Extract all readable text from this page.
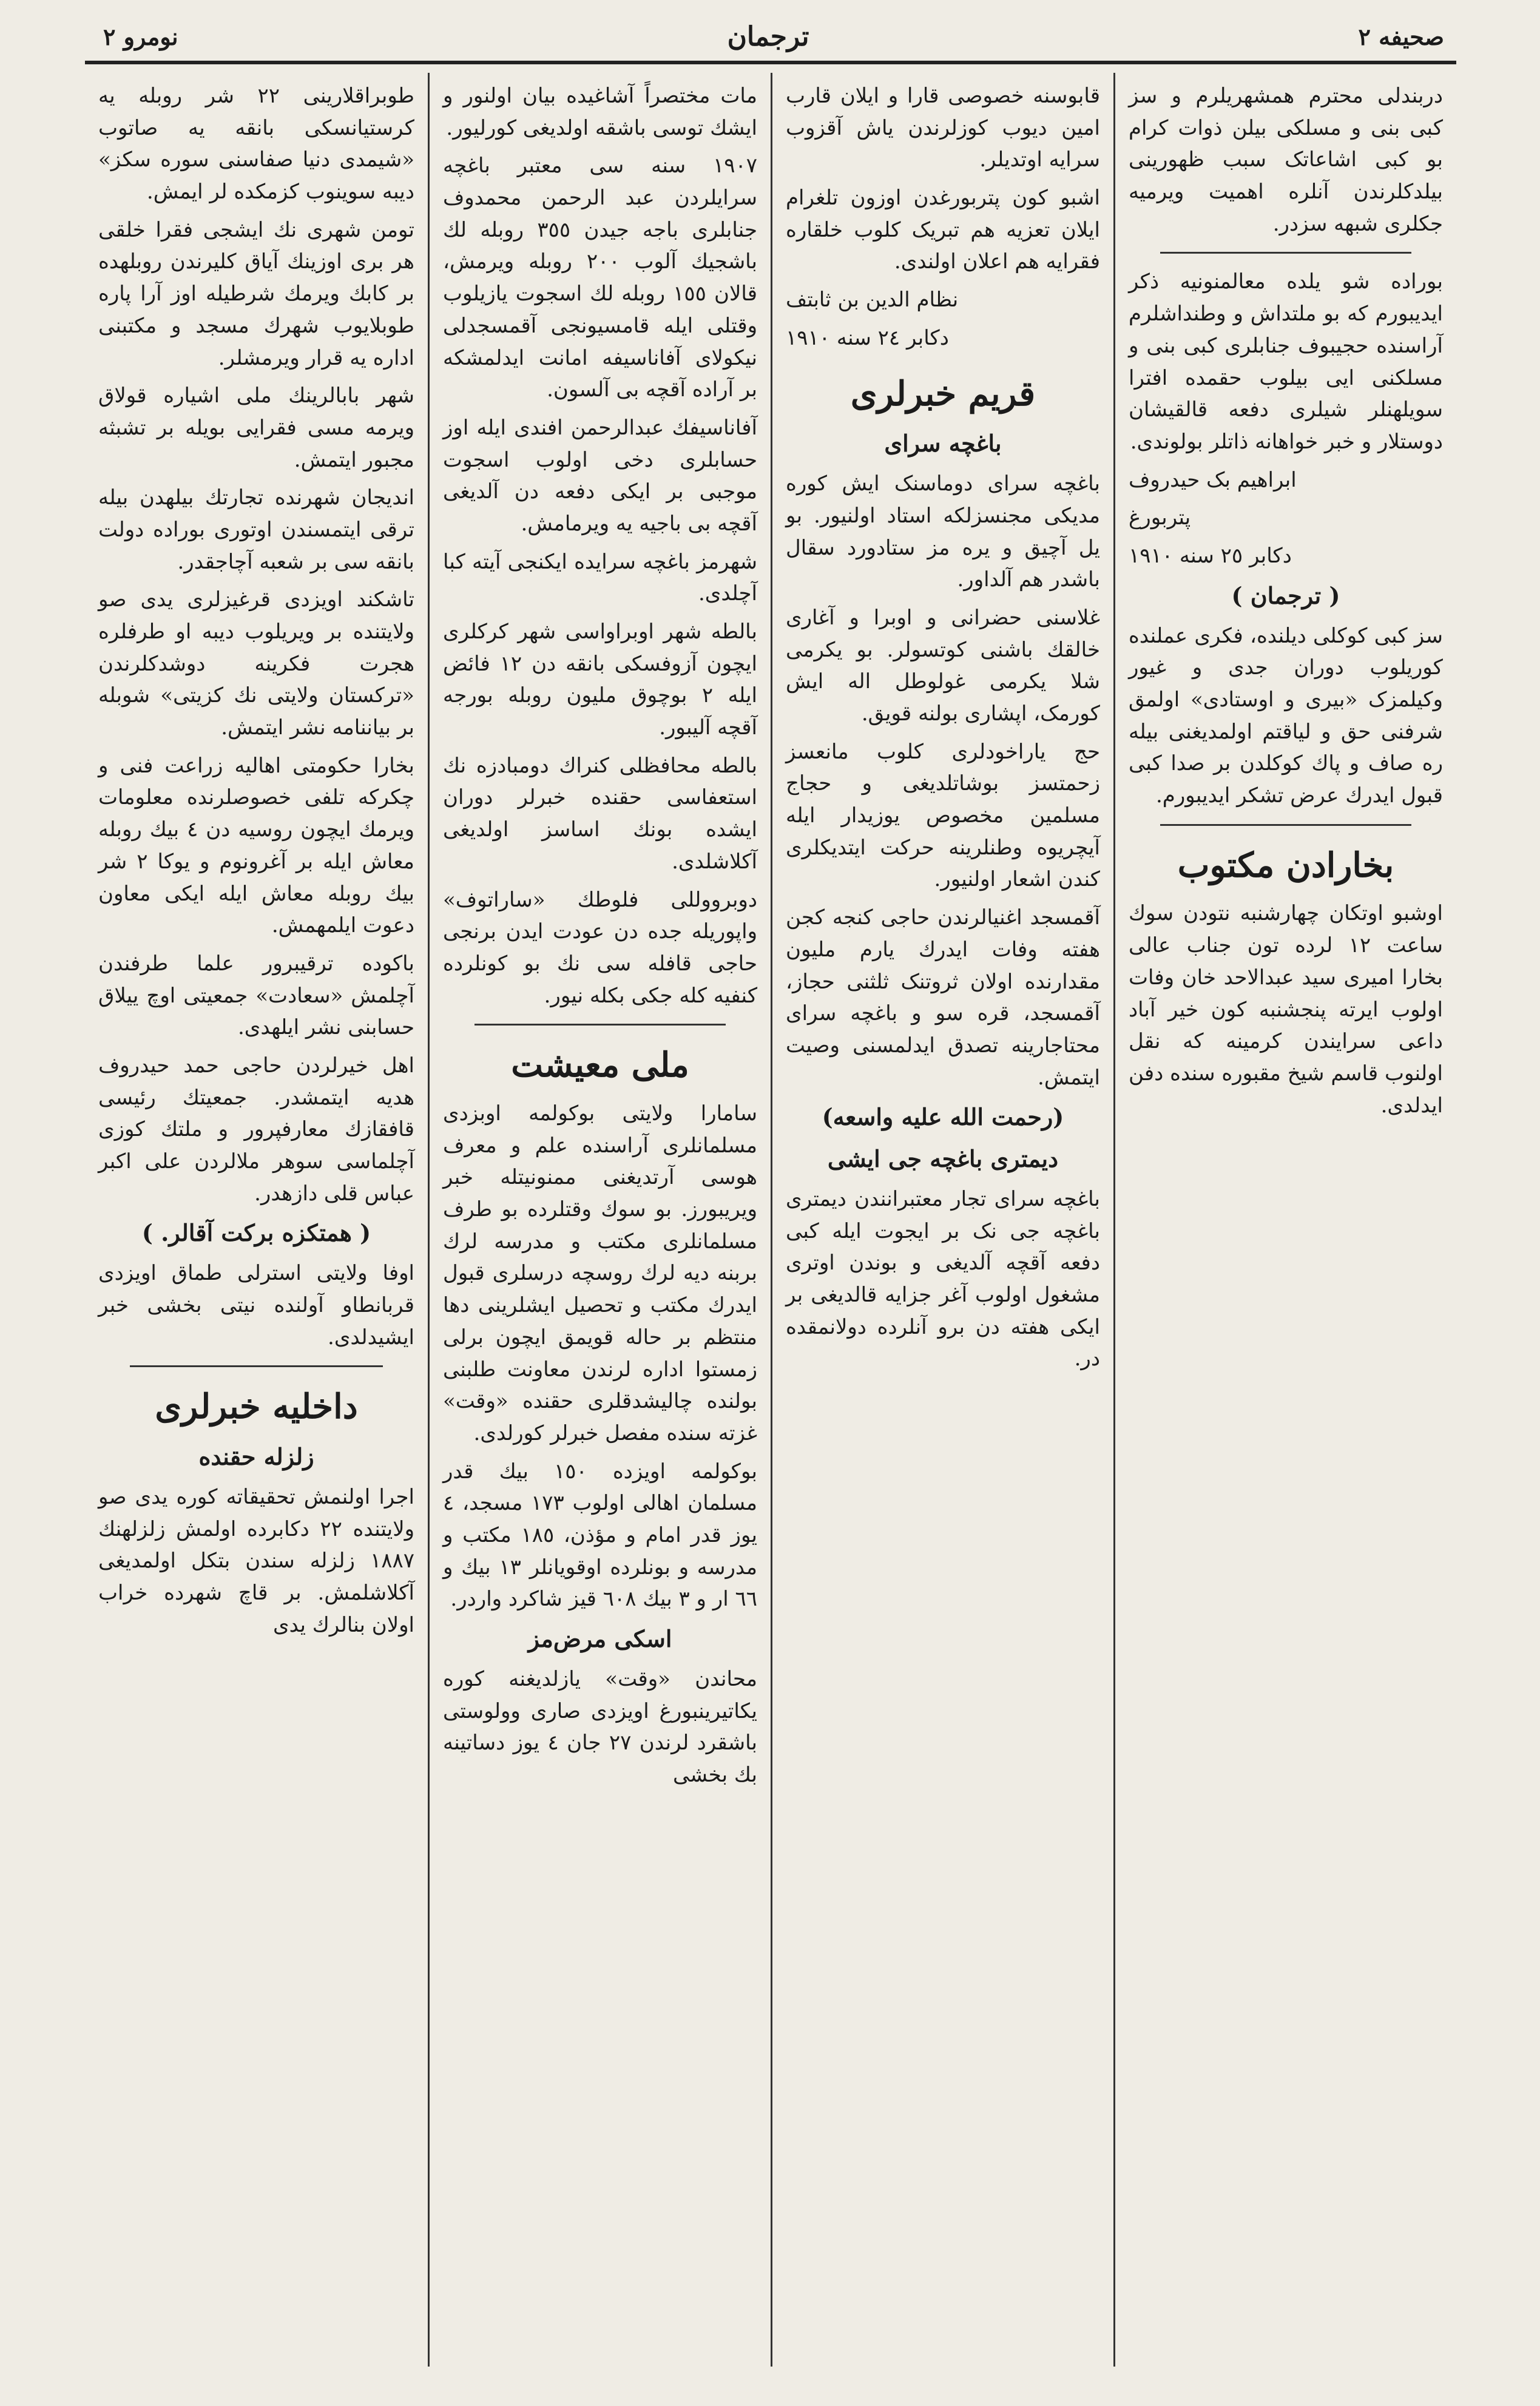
صحیفه ٢
ترجمان
نومرو ٢

دربندلی محترم همشهریلرم و سز کبی بنی و مسلکی بیلن ذوات کرام بو کبی اشاعاتک سبب ظهورینی بیلدکلرندن آنلره اهمیت ویرمیه جکلری شبهه سزدر.

بوراده شو یلده معالمنونیه ذکر ایدیبورم که بو ملتداش و وطنداشلرم آراسنده حجیبوف جنابلری کبی بنی و مسلکنی ایی بیلوب حقمده افترا سویلهنلر شیلری دفعه قالقیشان دوستلار و خبر خواهانه ذاتلر بولوندی.

ابراهیم بک حیدروف

پتربورغ

دکابر ٢٥ سنه ١٩١٠

( ترجمان )

سز کبی کوکلی دیلنده، فکری عملنده کوریلوب دوران جدی و غیور وکیلمزک «بیری و اوستادی» اولمق شرفنی حق و لیاقتم اولمدیغنی بیله ره صاف و پاك كوكلدن بر صدا کبی قبول ایدرك عرض تشکر ایدیبورم.

بخارادن مکتوب

اوشبو اوتکان چهارشنبه نتودن سوك ساعت ١٢ لرده تون جناب عالی بخارا امیری سید عبدالاحد خان وفات اولوب ایرته پنجشنبه کون خیر آباد داعی سرایندن کرمینه که نقل اولنوب قاسم شیخ مقبوره سنده دفن ایدلدی.

قابوسنه خصوصی قارا و ایلان قارب امین دیوب کوزلرندن یاش آقزوب سرایه اوتدیلر.

اشبو کون پتربورغدن اوزون تلغرام ایلان تعزیه هم تبریک کلوب خلقاره فقرایه هم اعلان اولندی.

نظام الدین بن ثابتف

دکابر ٢٤ سنه ١٩١٠

قریم خبرلری
باغچه سرای

باغچه سرای دوماسنک ایش کوره مدیکی مجنسزلکه استاد اولنیور. بو یل آچیق و یره مز ستادورد سقال باشدر هم آلداور.

غلاسنی حضرانی و اوبرا و آغاری خالقك باشنی کوتسولر. بو یکرمی شلا یکرمی غولوطل اله ایش کورمک، اپشاری بولنه قویق.

حج یاراخودلری کلوب مانعسز زحمتسز بوشاتلدیغی و حجاج مسلمین مخصوص یوزیدار ایله آیچریوه وطنلرینه حرکت ایتدیکلری کندن اشعار اولنیور.

آقمسجد اغنیالرندن حاجی کنجه کجن هفته وفات ایدرك یارم ملیون مقدارنده اولان ثروتنک ثلثنی حجاز، آقمسجد، قره سو و باغچه سرای محتاجارینه تصدق ایدلمسنی وصیت ایتمش.

(رحمت الله علیه واسعه)

دیمتری باغچه جی ایشی

باغچه سرای تجار معتبرانندن دیمتری باغچه جی نک بر ایجوت ایله کبی دفعه آقچه آلدیغی و بوندن اوتری مشغول اولوب آغر جزایه قالدیغی بر ایکی هفته دن برو آنلرده دولانمقده در.

مات مختصراً آشاغیده بیان اولنور و ایشك توسی باشقه اولدیغی کورلیور.

١٩٠٧ سنه سی معتبر باغچه سرایلردن عبد الرحمن محمدوف جنابلری باجه جیدن ٣٥٥ روبله لك باشجیك آلوب ٢٠٠ روبله ویرمش، قالان ١٥٥ روبله لك اسجوت یازیلوب وقتلی ایله قامسیونجی آقمسجدلی نیکولای آفاناسیفه امانت ایدلمشکه بر آراده آقچه بی آلسون.

آفاناسیفك عبدالرحمن افندی ایله اوز حسابلری دخی اولوب اسجوت موجبی بر ایکی دفعه دن آلدیغی آقچه بی باجیه یه ویرمامش.

شهرمز باغچه سرایده ایکنجی آیته کبا آچلدی.

بالطه شهر اوبراواسی شهر کرکلری ایچون آزوفسکی بانقه دن ١٢ فائض ایله ٢ بوچوق ملیون روبله بورجه آقچه آلیبور.

بالطه محافظلی کنراك دومبادزه نك استعفاسی حقنده خبرلر دوران ایشده بونك اساسز اولدیغی آکلاشلدی.

دوبرووللی فلوطك «ساراتوف» واپوریله جده دن عودت ایدن برنجی حاجی قافله سی نك بو کونلرده کنفیه کله جکی بکله نیور.

ملی معیشت

سامارا ولایتی بوکولمه اوبزدی مسلمانلری آراسنده علم و معرف هوسی آرتدیغنی ممنونیتله خبر ویریبورز. بو سوك وقتلرده بو طرف مسلمانلری مکتب و مدرسه لرك بربنه دیه لرك روسچه درسلری قبول ایدرك مکتب و تحصیل ایشلرینی دها منتظم بر حاله قویمق ایچون برلی زمستوا اداره لرندن معاونت طلبنی بولنده چالیشدقلری حقنده «وقت» غزته سنده مفصل خبرلر کورلدی.

بوکولمه اویزده ١٥٠ بیك قدر مسلمان اهالی اولوب ١٧٣ مسجد، ٤ یوز قدر امام و مؤذن، ١٨٥ مکتب و مدرسه و بونلرده اوقویانلر ١٣ بیك و ٦٦ ار و ٣ بیك ٦٠٨ قیز شاکرد واردر.

اسکی مرض‌مز

محاندن «وقت» یازلدیغنه کوره یکاتیرینبورغ اویزدی صاری وولوستی باشقرد لرندن ٢٧ جان ٤ یوز دساتینه بك بخشی

طوبراقلارینی ٢٢ شر روبله یه کرستیانسکی بانقه یه صاتوب «شیمدی دنیا صفاسنی سوره سکز» دیبه سوینوب کزمکده لر ایمش.

تومن شهری نك ایشجی فقرا خلقی هر بری اوزینك آیاق کلیرندن روبلهده بر کابك ویرمك شرطیله اوز آرا پاره طوبلایوب شهرك مسجد و مکتبنی اداره یه قرار ویرمشلر.

شهر بابالرینك ملی اشیاره قولاق ویرمه مسی فقرایی بویله بر تشبثه مجبور ایتمش.

اندیجان شهرنده تجارتك بیلهدن بیله ترقی ایتمسندن اوتوری بوراده دولت بانقه سی بر شعبه آچاجقدر.

تاشکند اویزدی قرغیزلری یدی صو ولایتنده بر ویریلوب دیبه او طرفلره هجرت فکرینه دوشدکلرندن «ترکستان ولایتی نك کزیتی» شوبله بر بیاننامه نشر ایتمش.

بخارا حکومتی اهالیه زراعت فنی و چکرکه تلفی خصوصلرنده معلومات ویرمك ایچون روسیه دن ٤ بیك روبله معاش ایله بر آغرونوم و یوکا ٢ شر بیك روبله معاش ایله ایکی معاون دعوت ایلمهمش.

باکوده ترقیبرور علما طرفندن آچلمش «سعادت» جمعیتی اوچ ییلاق حسابنی نشر ایلهدی.

اهل خیرلردن حاجی حمد حیدروف هدیه ایتمشدر. جمعیتك رئیسی قافقازك معارفپرور و ملتك کوزی آچلماسی سوهر ملالردن علی اکبر عباس قلی دازهدر.

( همتکزه برکت آقالر. )

اوفا ولایتی استرلی طماق اویزدی قربانطاو آولنده نیتی بخشی خبر ایشیدلدی.

داخلیه خبرلری
زلزله حقنده

اجرا اولنمش تحقیقاته کوره یدی صو ولایتنده ٢٢ دکابرده اولمش زلزلهنك ١٨٨٧ زلزله سندن بتکل اولمدیغی آکلاشلمش. بر قاچ شهرده خراب اولان بنالرك یدی
